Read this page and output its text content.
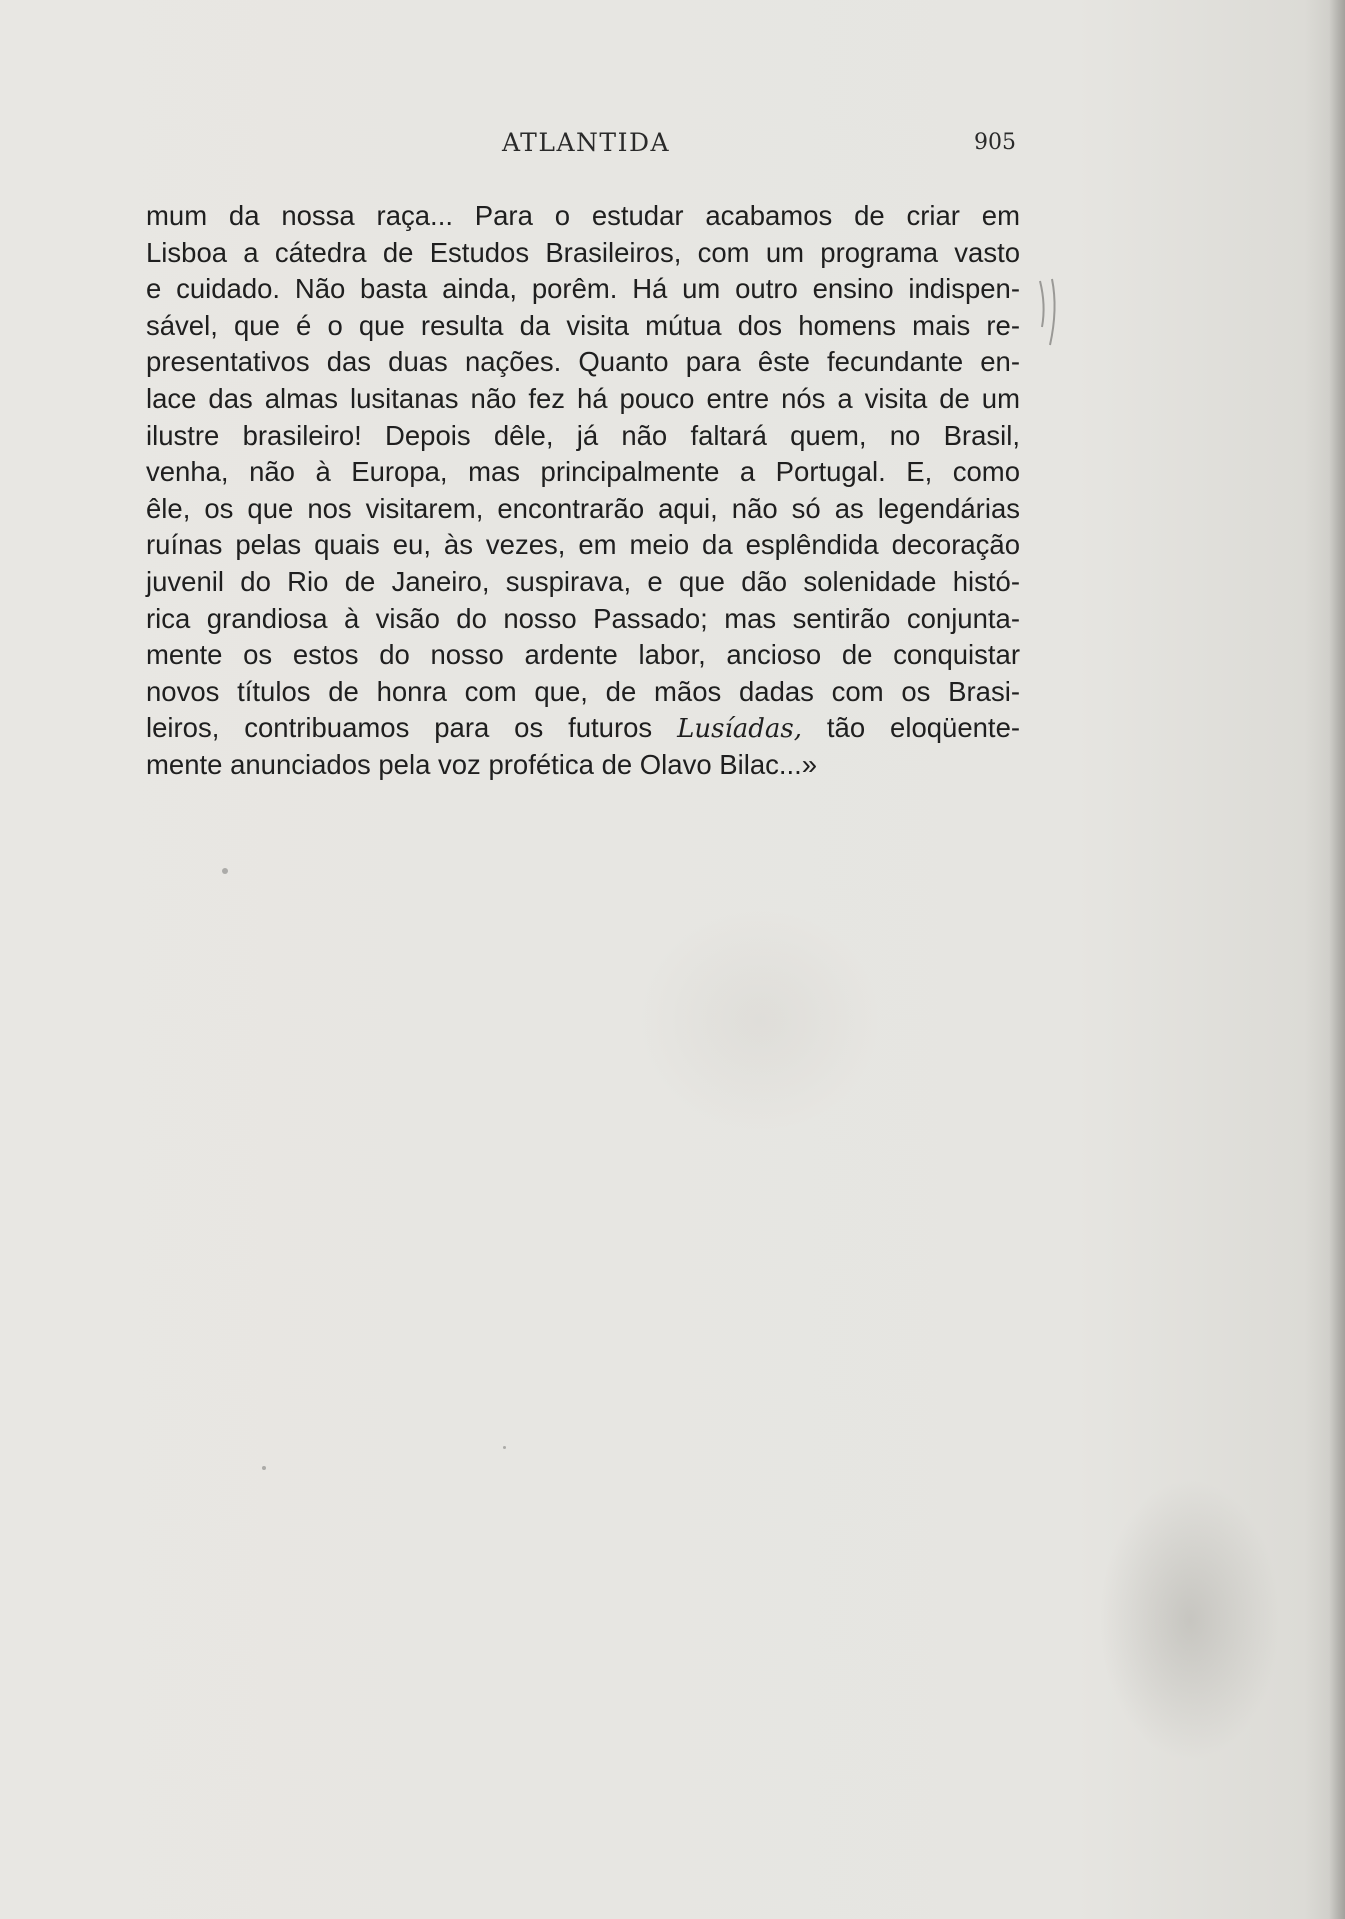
ATLANTIDA	905
mum da nossa raça... Para o estudar acabamos de criar em
Lisboa a cátedra de Estudos Brasileiros, com um programa vasto
e cuidado. Não basta ainda, porêm. Há um outro ensino indispen-
sável, que é o que resulta da visita mútua dos homens mais re-
presentativos das duas nações. Quanto para êste fecundante en-
lace das almas lusitanas não fez há pouco entre nós a visita de um
ilustre brasileiro! Depois dêle, já não faltará quem, no Brasil,
venha, não à Europa, mas principalmente a Portugal. E, como
êle, os que nos visitarem, encontrarão aqui, não só as legendárias
ruínas pelas quais eu, às vezes, em meio da esplêndida decoração
juvenil do Rio de Janeiro, suspirava, e que dão solenidade histó-
rica grandiosa à visão do nosso Passado; mas sentirão conjunta-
mente os estos do nosso ardente labor, ancioso de conquistar
novos títulos de honra com que, de mãos dadas com os Brasi-
leiros, contribuamos para os futuros Lusíadas, tão eloqüente-
mente anunciados pela voz profética de Olavo Bilac...»
